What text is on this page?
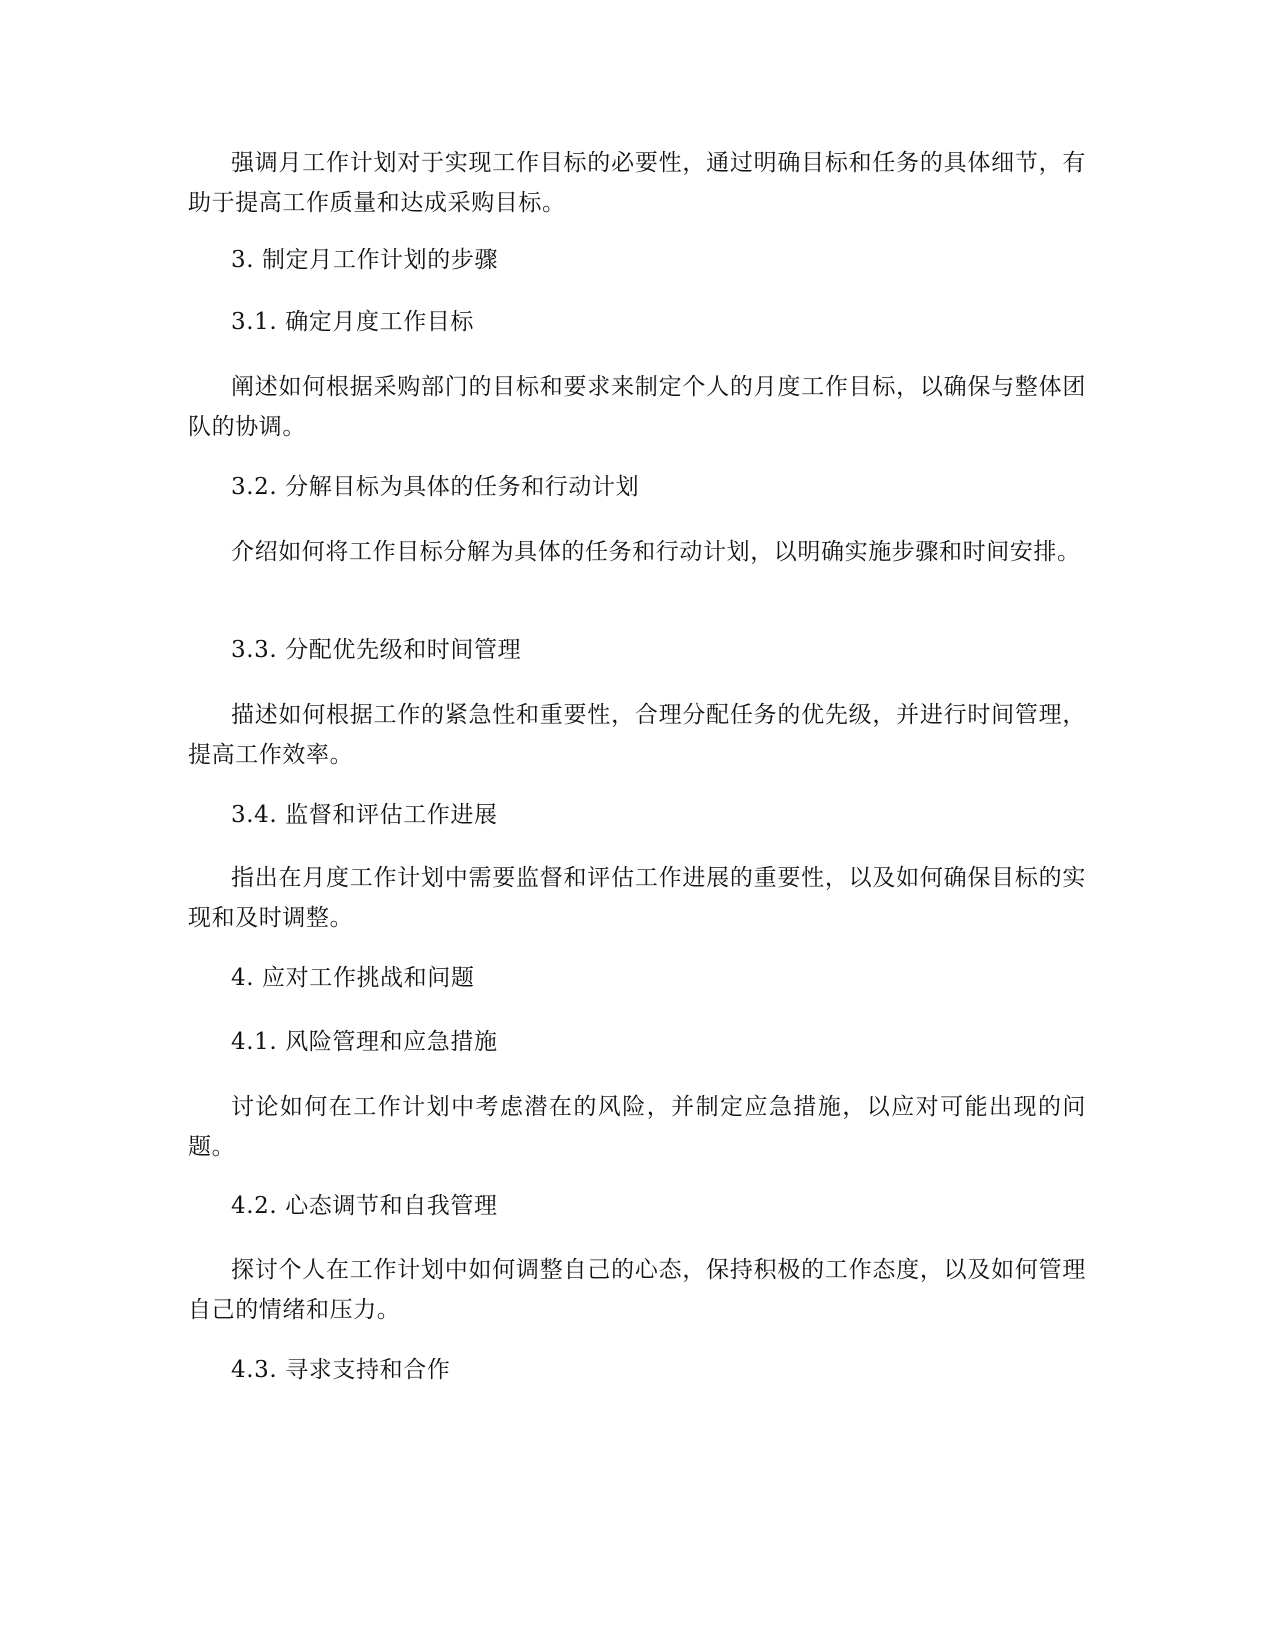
强调月工作计划对于实现工作目标的必要性，通过明确目标和任务的具体细节，有助于提高工作质量和达成采购目标。

3. 制定月工作计划的步骤

3.1. 确定月度工作目标

阐述如何根据采购部门的目标和要求来制定个人的月度工作目标，以确保与整体团队的协调。

3.2. 分解目标为具体的任务和行动计划

介绍如何将工作目标分解为具体的任务和行动计划，以明确实施步骤和时间安排。

3.3. 分配优先级和时间管理

描述如何根据工作的紧急性和重要性，合理分配任务的优先级，并进行时间管理，提高工作效率。

3.4. 监督和评估工作进展

指出在月度工作计划中需要监督和评估工作进展的重要性，以及如何确保目标的实现和及时调整。

4. 应对工作挑战和问题

4.1. 风险管理和应急措施

讨论如何在工作计划中考虑潜在的风险，并制定应急措施，以应对可能出现的问题。

4.2. 心态调节和自我管理

探讨个人在工作计划中如何调整自己的心态，保持积极的工作态度，以及如何管理自己的情绪和压力。

4.3. 寻求支持和合作
